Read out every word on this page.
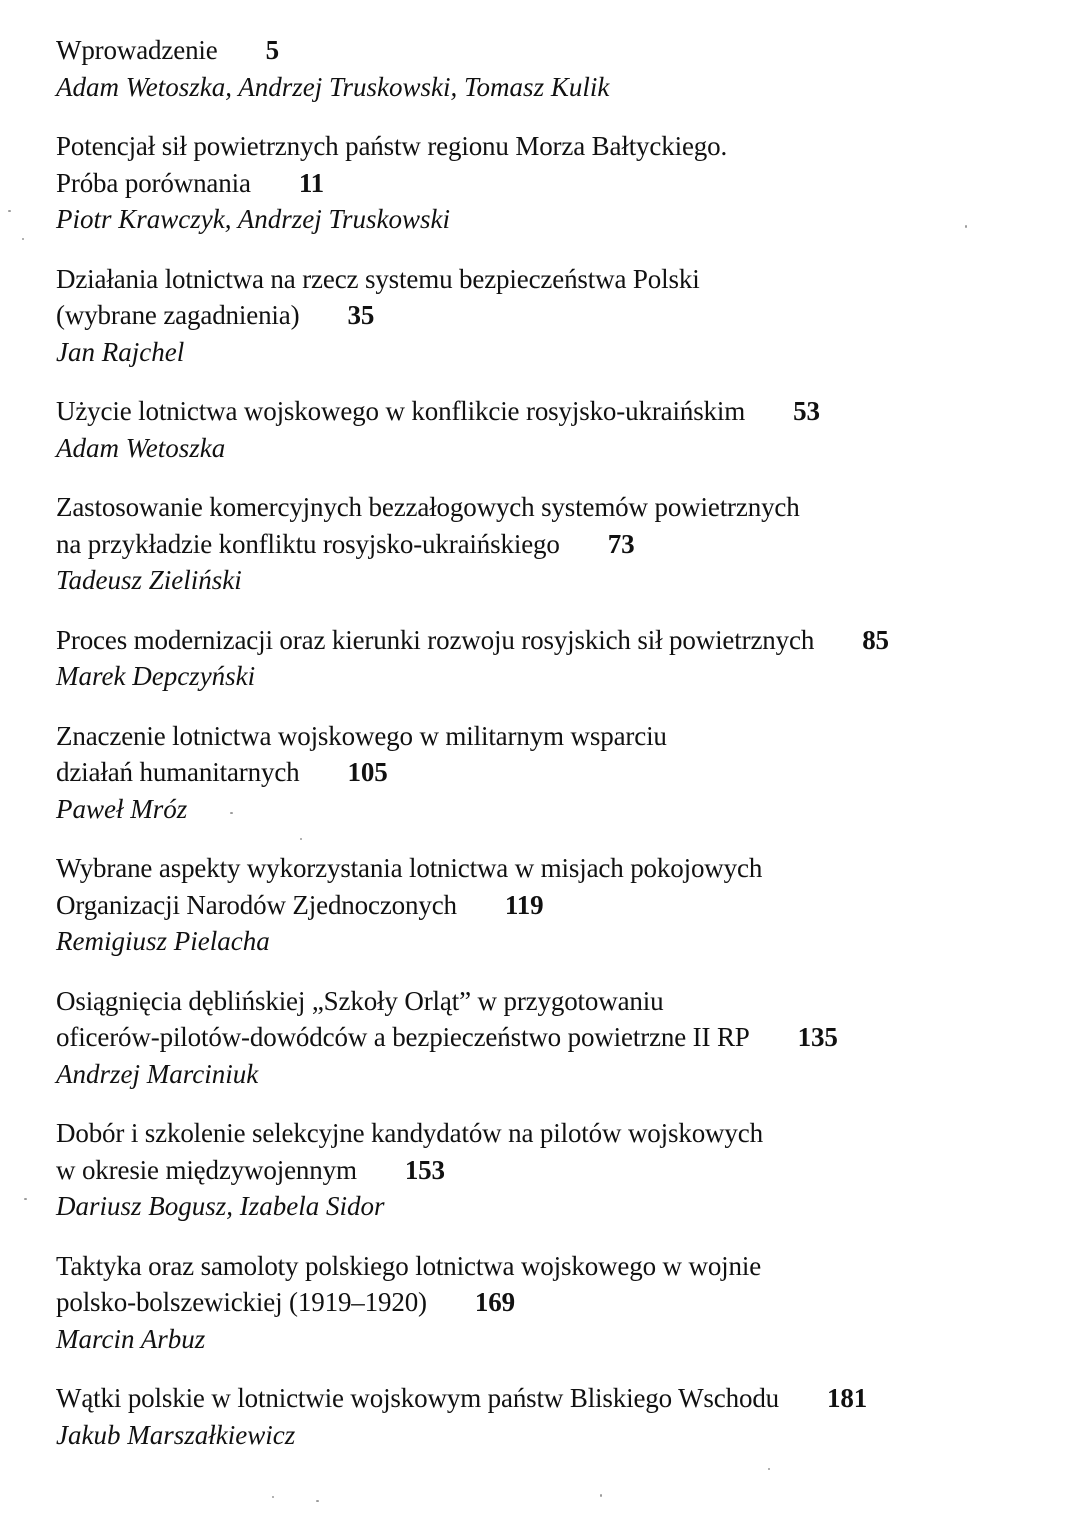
Wprowadzenie 5
Adam Wetoszka, Andrzej Truskowski, Tomasz Kulik
Potencjał sił powietrznych państw regionu Morza Bałtyckiego.
Próba porównania 11
Piotr Krawczyk, Andrzej Truskowski
Działania lotnictwa na rzecz systemu bezpieczeństwa Polski
(wybrane zagadnienia) 35
Jan Rajchel
Użycie lotnictwa wojskowego w konflikcie rosyjsko-ukraińskim 53
Adam Wetoszka
Zastosowanie komercyjnych bezzałogowych systemów powietrznych
na przykładzie konfliktu rosyjsko-ukraińskiego 73
Tadeusz Zieliński
Proces modernizacji oraz kierunki rozwoju rosyjskich sił powietrznych 85
Marek Depczyński
Znaczenie lotnictwa wojskowego w militarnym wsparciu
działań humanitarnych 105
Paweł Mróz
Wybrane aspekty wykorzystania lotnictwa w misjach pokojowych
Organizacji Narodów Zjednoczonych 119
Remigiusz Pielacha
Osiągnięcia dęblińskiej „Szkoły Orląt” w przygotowaniu
oficerów-pilotów-dowódców a bezpieczeństwo powietrzne II RP 135
Andrzej Marciniuk
Dobór i szkolenie selekcyjne kandydatów na pilotów wojskowych
w okresie międzywojennym 153
Dariusz Bogusz, Izabela Sidor
Taktyka oraz samoloty polskiego lotnictwa wojskowego w wojnie
polsko-bolszewickiej (1919–1920) 169
Marcin Arbuz
Wątki polskie w lotnictwie wojskowym państw Bliskiego Wschodu 181
Jakub Marszałkiewicz
